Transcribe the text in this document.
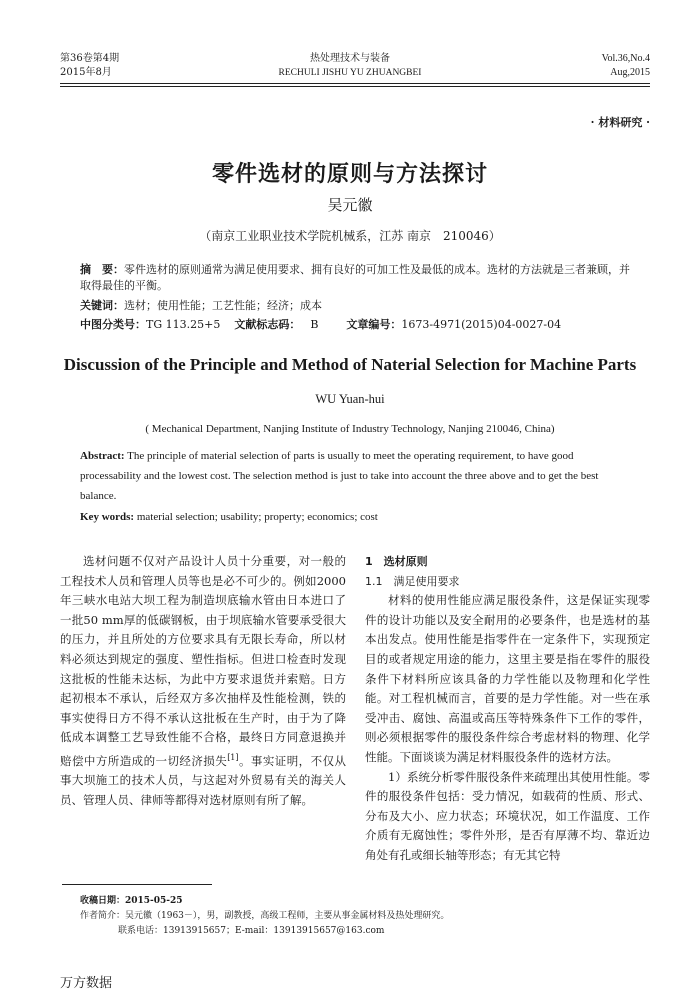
第36卷第4期
2015年8月
热处理技术与装备
RECHULI JISHU YU ZHUANGBEI
Vol.36,No.4
Aug,2015
· 材料研究 ·
零件选材的原则与方法探讨
吴元徽
（南京工业职业技术学院机械系，江苏 南京　210046）
摘　要：零件选材的原则通常为满足使用要求、拥有良好的可加工性及最低的成本。选材的方法就是三者兼顾，并取得最佳的平衡。
关键词：选材；使用性能；工艺性能；经济；成本
中图分类号：TG 113.25+5 文献标志码： B	文章编号：1673-4971(2015)04-0027-04
Discussion of the Principle and Method of Naterial Selection for Machine Parts
WU Yuan-hui
( Mechanical Department, Nanjing Institute of Industry Technology, Nanjing 210046, China)
Abstract: The principle of material selection of parts is usually to meet the operating requirement, to have good processability and the lowest cost. The selection method is just to take into account the three above and to get the best balance.
Key words: material selection; usability; property; economics; cost

选材问题不仅对产品设计人员十分重要，对一般的工程技术人员和管理人员等也是必不可少的。例如2000年三峡水电站大坝工程为制造坝底输水管由日本进口了一批50 mm厚的低碳钢板，由于坝底输水管要承受很大的压力，并且所处的方位要求具有无限长寿命，所以材料必须达到规定的强度、塑性指标。但进口检查时发现这批板的性能未达标，为此中方要求退货并索赔。日方起初根本不承认，后经双方多次抽样及性能检测，铁的事实使得日方不得不承认这批板在生产时，由于为了降低成本调整工艺导致性能不合格，最终日方同意退换并赔偿中方所造成的一切经济损失[1]。事实证明，不仅从事大坝施工的技术人员，与这起对外贸易有关的海关人员、管理人员、律师等都得对选材原则有所了解。

1　选材原则

1.1　满足使用要求

材料的使用性能应满足服役条件，这是保证实现零件的设计功能以及安全耐用的必要条件，也是选材的基本出发点。使用性能是指零件在一定条件下，实现预定目的或者规定用途的能力，这里主要是指在零件的服役条件下材料所应该具备的力学性能以及物理和化学性能。对工程机械而言，首要的是力学性能。对一些在承受冲击、腐蚀、高温或高压等特殊条件下工作的零件，则必须根据零件的服役条件综合考虑材料的物理、化学性能。下面谈谈为满足材料服役条件的选材方法。

1）系统分析零件服役条件来疏理出其使用性能。零件的服役条件包括：受力情况，如载荷的性质、形式、分布及大小、应力状态；环境状况，如工作温度、工作介质有无腐蚀性；零件外形，是否有厚薄不均、靠近边角处有孔或细长轴等形态；有无其它特

收稿日期：2015-05-25
作者简介：吴元徽（1963－），男，副教授，高级工程师，主要从事金属材料及热处理研究。
联系电话：13913915657；E-mail：13913915657@163.com
万方数据
